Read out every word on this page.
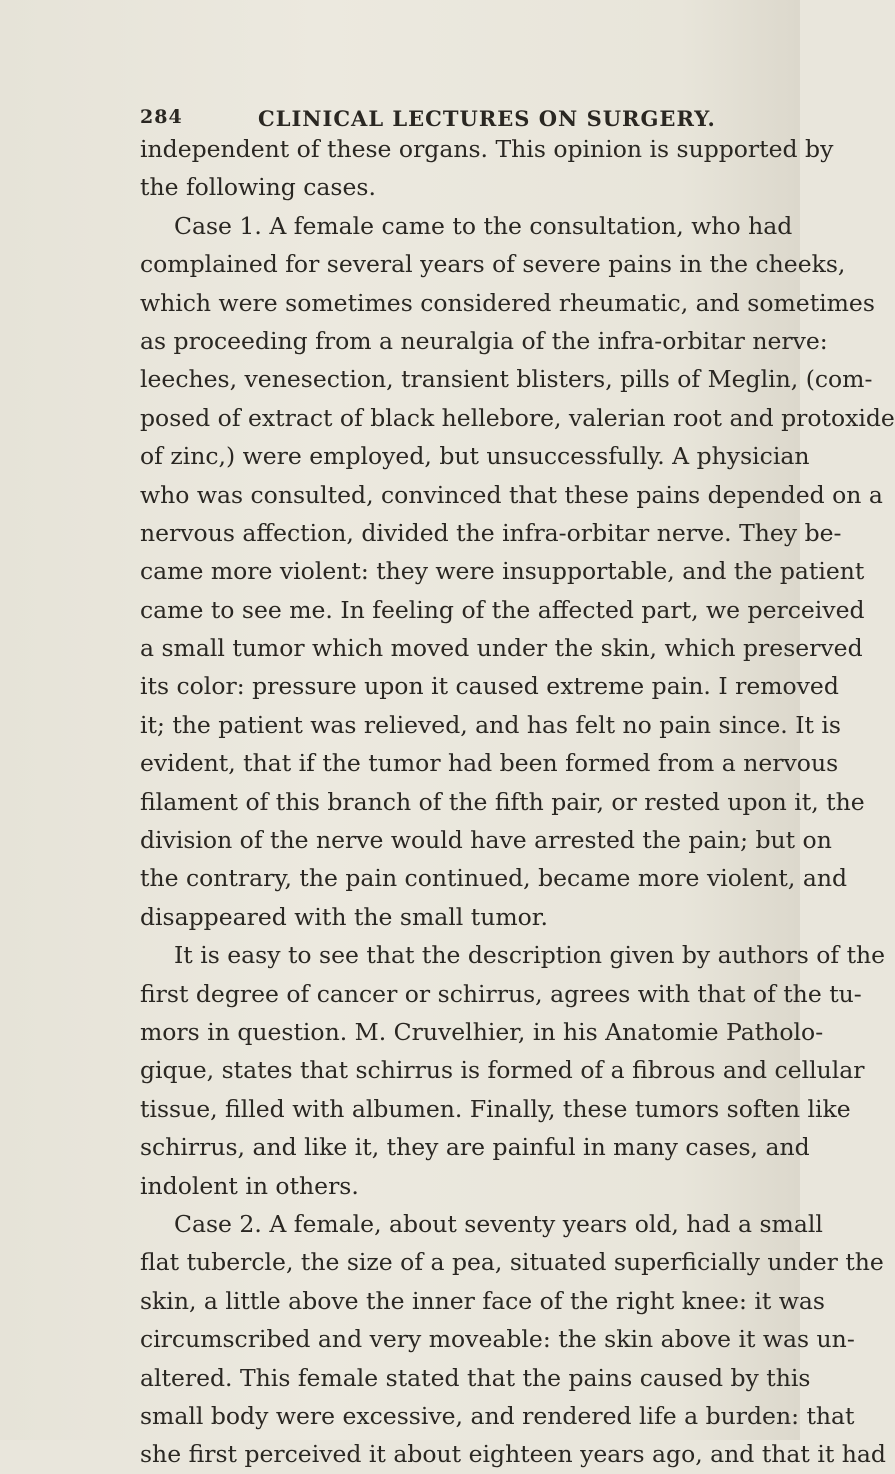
284	CLINICAL LECTURES ON SURGERY.
independent of these organs. This opinion is supported by
the following cases.
Case 1. A female came to the consultation, who had
complained for several years of severe pains in the cheeks,
which were sometimes considered rheumatic, and sometimes
as proceeding from a neuralgia of the infra-orbitar nerve:
leeches, venesection, transient blisters, pills of Meglin, (com-
posed of extract of black hellebore, valerian root and protoxide
of zinc,) were employed, but unsuccessfully. A physician
who was consulted, convinced that these pains depended on a
nervous affection, divided the infra-orbitar nerve. They be-
came more violent: they were insupportable, and the patient
came to see me. In feeling of the affected part, we perceived
a small tumor which moved under the skin, which preserved
its color: pressure upon it caused extreme pain. I removed
it; the patient was relieved, and has felt no pain since. It is
evident, that if the tumor had been formed from a nervous
filament of this branch of the fifth pair, or rested upon it, the
division of the nerve would have arrested the pain; but on
the contrary, the pain continued, became more violent, and
disappeared with the small tumor.
It is easy to see that the description given by authors of the
first degree of cancer or schirrus, agrees with that of the tu-
mors in question. M. Cruvelhier, in his Anatomie Patholo-
gique, states that schirrus is formed of a fibrous and cellular
tissue, filled with albumen. Finally, these tumors soften like
schirrus, and like it, they are painful in many cases, and
indolent in others.
Case 2. A female, about seventy years old, had a small
flat tubercle, the size of a pea, situated superficially under the
skin, a little above the inner face of the right knee: it was
circumscribed and very moveable: the skin above it was un-
altered. This female stated that the pains caused by this
small body were excessive, and rendered life a burden: that
she first perceived it about eighteen years ago, and that it had
